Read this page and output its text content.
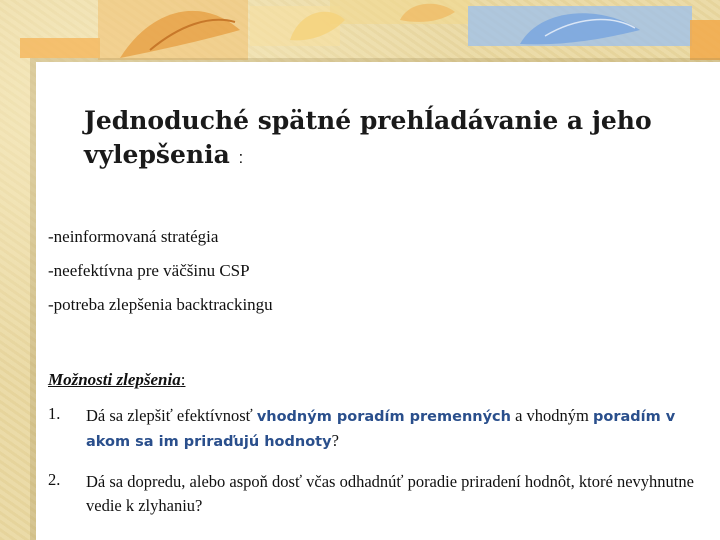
Jednoduché spätné prehĺadávanie a jeho vylepšenia :
-neinformovaná stratégia
-neefektívna pre väčšinu CSP
-potreba zlepšenia backtrackingu
Možnosti zlepšenia:
1. Dá sa zlepšiť efektívnosť vhodným poradím premenných a vhodným poradím v akom sa im priraďujú hodnoty?
2. Dá sa dopredu, alebo aspoň dosť včas odhadnúť poradie priradení hodnôt, ktoré nevyhnutne vedie k zlyhaniu?
